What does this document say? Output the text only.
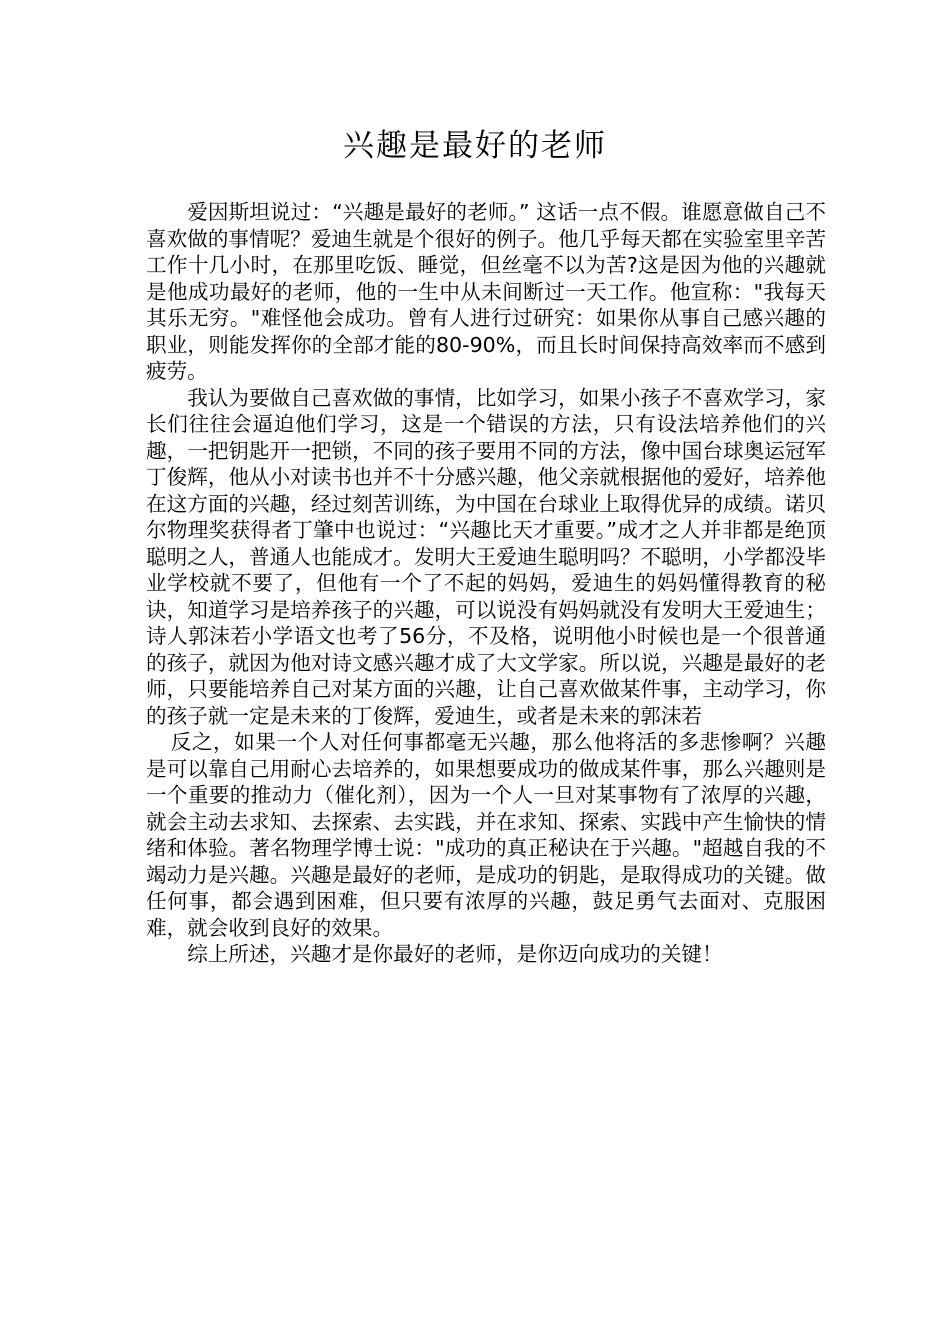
兴趣是最好的老师

爱因斯坦说过：“兴趣是最好的老师。” 这话一点不假。谁愿意做自己不喜欢做的事情呢？爱迪生就是个很好的例子。他几乎每天都在实验室里辛苦工作十几小时，在那里吃饭、睡觉，但丝毫不以为苦?这是因为他的兴趣就是他成功最好的老师，他的一生中从未间断过一天工作。他宣称："我每天其乐无穷。"难怪他会成功。曾有人进行过研究：如果你从事自己感兴趣的职业，则能发挥你的全部才能的80-90%，而且长时间保持高效率而不感到疲劳。

我认为要做自己喜欢做的事情，比如学习，如果小孩子不喜欢学习，家长们往往会逼迫他们学习，这是一个错误的方法，只有设法培养他们的兴趣，一把钥匙开一把锁，不同的孩子要用不同的方法，像中国台球奥运冠军丁俊辉，他从小对读书也并不十分感兴趣，他父亲就根据他的爱好，培养他在这方面的兴趣，经过刻苦训练，为中国在台球业上取得优异的成绩。诺贝尔物理奖获得者丁肇中也说过：“兴趣比天才重要。”成才之人并非都是绝顶聪明之人，普通人也能成才。发明大王爱迪生聪明吗？不聪明，小学都没毕业学校就不要了，但他有一个了不起的妈妈，爱迪生的妈妈懂得教育的秘诀，知道学习是培养孩子的兴趣，可以说没有妈妈就没有发明大王爱迪生；诗人郭沫若小学语文也考了56分，不及格，说明他小时候也是一个很普通的孩子，就因为他对诗文感兴趣才成了大文学家。所以说，兴趣是最好的老师，只要能培养自己对某方面的兴趣，让自己喜欢做某件事，主动学习，你的孩子就一定是未来的丁俊辉，爱迪生，或者是未来的郭沫若

反之，如果一个人对任何事都毫无兴趣，那么他将活的多悲惨啊？兴趣是可以靠自己用耐心去培养的，如果想要成功的做成某件事，那么兴趣则是一个重要的推动力（催化剂），因为一个人一旦对某事物有了浓厚的兴趣，就会主动去求知、去探索、去实践，并在求知、探索、实践中产生愉快的情绪和体验。著名物理学博士说："成功的真正秘诀在于兴趣。"超越自我的不竭动力是兴趣。兴趣是最好的老师，是成功的钥匙，是取得成功的关键。做任何事，都会遇到困难，但只要有浓厚的兴趣，鼓足勇气去面对、克服困难，就会收到良好的效果。

综上所述，兴趣才是你最好的老师，是你迈向成功的关键！
